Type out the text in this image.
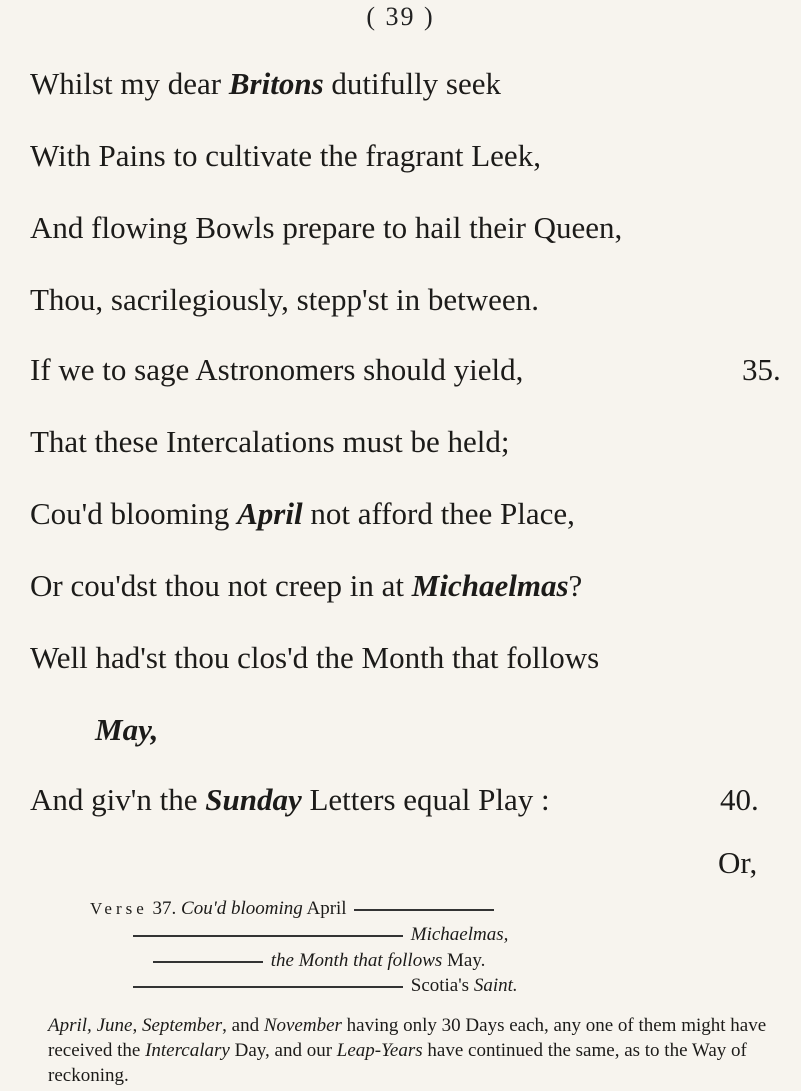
( 39 )
Whilst my dear Britons dutifully seek
With Pains to cultivate the fragrant Leek,
And flowing Bowls prepare to hail their Queen,
Thou, sacrilegiously, stepp'st in between.
If we to sage Astronomers should yield,	35.
That these Intercalations must be held;
Cou'd blooming April not afford thee Place,
Or cou'dst thou not creep in at Michaelmas?
Well had'st thou clos'd the Month that follows
May,
And giv'n the Sunday Letters equal Play :	40.
Or,
Verse 37. Cou'd blooming April
Michaelmas,
the Month that follows May.
Scotia's Saint.
April, June, September, and November having only 30 Days each, any one of them might have received the Intercalary Day, and our Leap-Years have continued the same, as to the Way of reckoning.
